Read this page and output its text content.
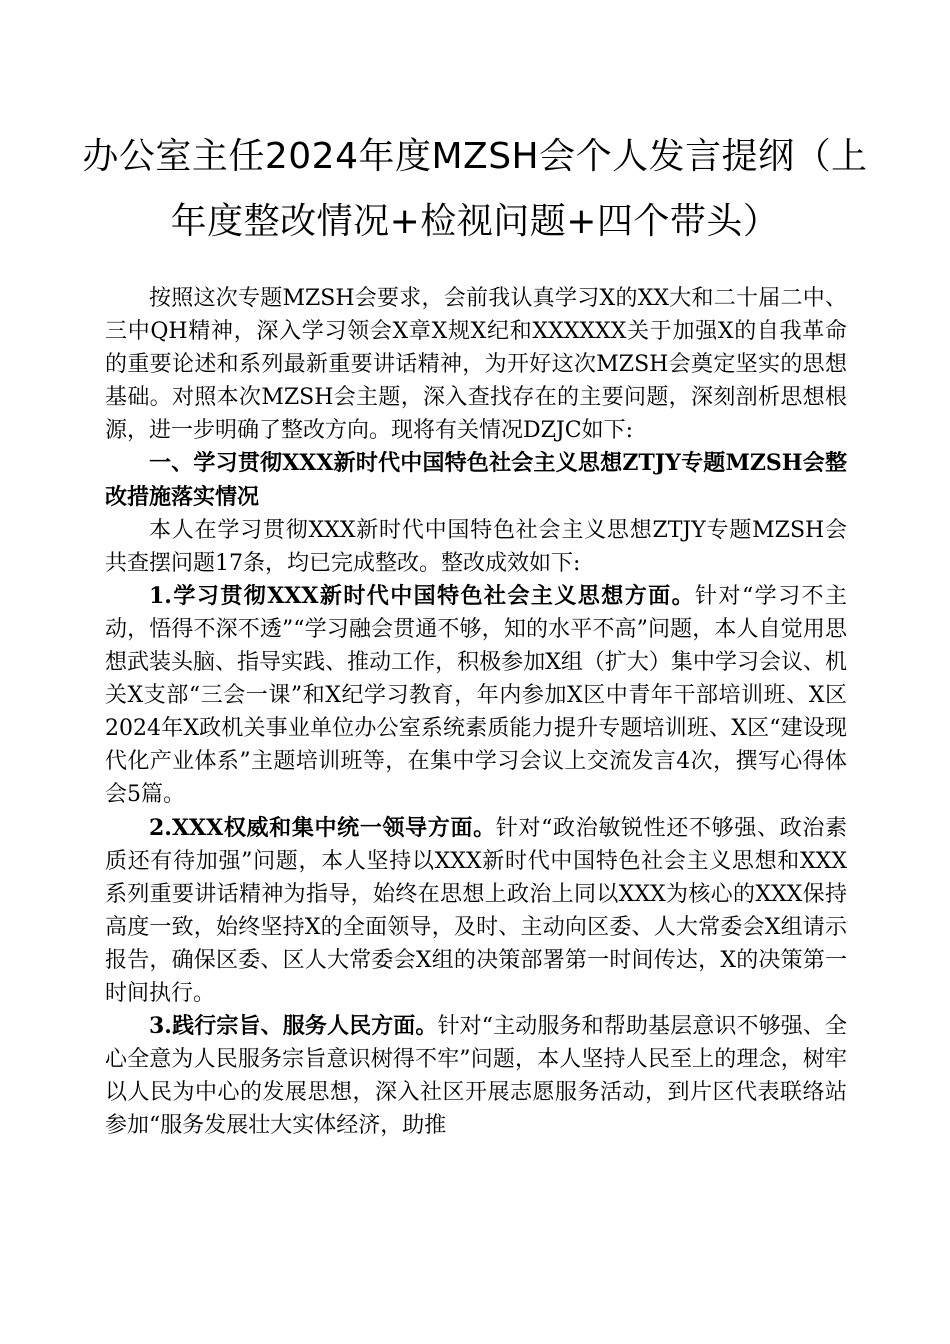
办公室主任2024年度MZSH会个人发言提纲（上
年度整改情况+检视问题+四个带头）

按照这次专题MZSH会要求，会前我认真学习X的XX大和二十届二中、三中QH精神，深入学习领会X章X规X纪和XXXXXX关于加强X的自我革命的重要论述和系列最新重要讲话精神，为开好这次MZSH会奠定坚实的思想基础。对照本次MZSH会主题，深入查找存在的主要问题，深刻剖析思想根源，进一步明确了整改方向。现将有关情况DZJC如下:

一、学习贯彻XXX新时代中国特色社会主义思想ZTJY专题MZSH会整改措施落实情况

本人在学习贯彻XXX新时代中国特色社会主义思想ZTJY专题MZSH会共查摆问题17条，均已完成整改。整改成效如下:

1.学习贯彻XXX新时代中国特色社会主义思想方面。针对“学习不主动，悟得不深不透”“学习融会贯通不够，知的水平不高”问题，本人自觉用思想武装头脑、指导实践、推动工作，积极参加X组（扩大）集中学习会议、机关X支部“三会一课”和X纪学习教育，年内参加X区中青年干部培训班、X区2024年X政机关事业单位办公室系统素质能力提升专题培训班、X区“建设现代化产业体系”主题培训班等，在集中学习会议上交流发言4次，撰写心得体会5篇。

2.XXX权威和集中统一领导方面。针对“政治敏锐性还不够强、政治素质还有待加强”问题，本人坚持以XXX新时代中国特色社会主义思想和XXX系列重要讲话精神为指导，始终在思想上政治上同以XXX为核心的XXX保持高度一致，始终坚持X的全面领导，及时、主动向区委、人大常委会X组请示报告，确保区委、区人大常委会X组的决策部署第一时间传达，X的决策第一时间执行。

3.践行宗旨、服务人民方面。针对“主动服务和帮助基层意识不够强、全心全意为人民服务宗旨意识树得不牢”问题，本人坚持人民至上的理念，树牢以人民为中心的发展思想，深入社区开展志愿服务活动，到片区代表联络站参加“服务发展壮大实体经济，助推
